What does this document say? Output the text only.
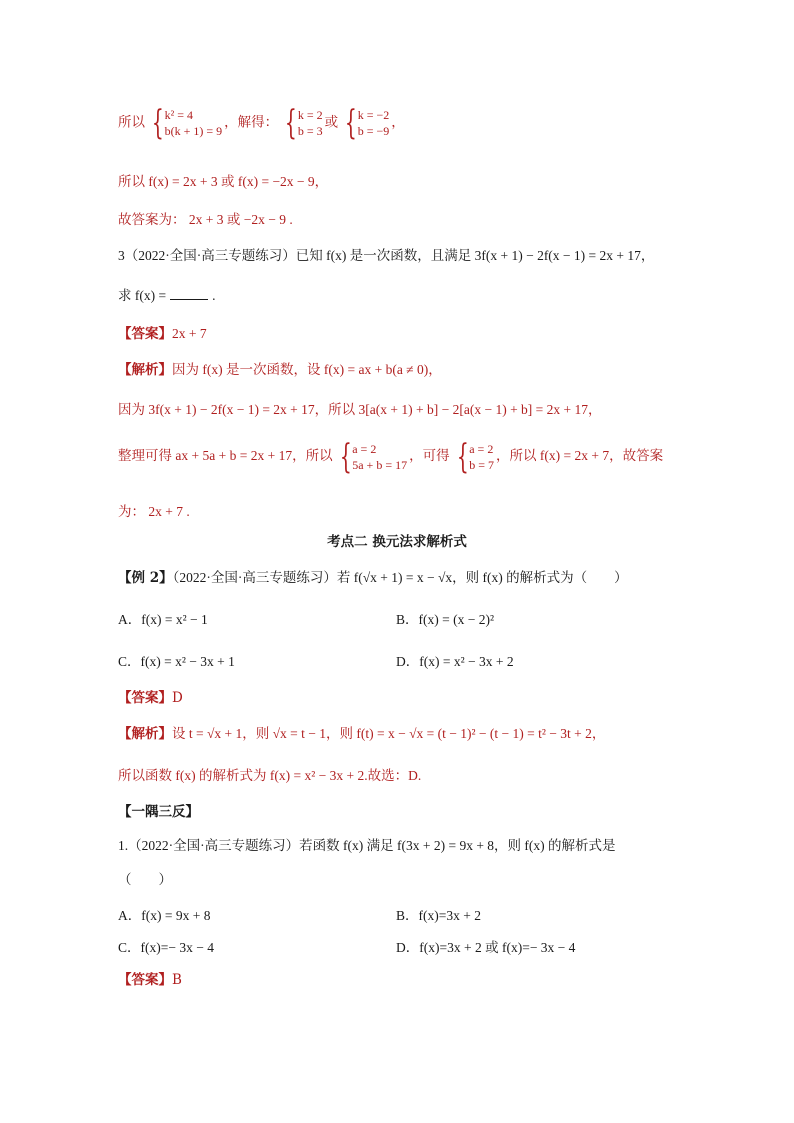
所以 { k² = 4
b(k + 1) = 9
，解得： { k = 2
b = 3
或 { k = −2
b = −9
，
所以 f(x) = 2x + 3 或 f(x) = −2x − 9，
故答案为： 2x + 3 或 −2x − 9 .
3（2022·全国·高三专题练习）已知 f(x) 是一次函数，且满足 3f(x + 1) − 2f(x − 1) = 2x + 17，
求 f(x) =	.
【答案】2x + 7
【解析】因为 f(x) 是一次函数，设 f(x) = ax + b(a ≠ 0)，
因为 3f(x + 1) − 2f(x − 1) = 2x + 17，所以 3[a(x + 1) + b] − 2[a(x − 1) + b] = 2x + 17，
整理可得 ax + 5a + b = 2x + 17，所以 { a = 2
5a + b = 17
，可得 { a = 2
b = 7
，所以 f(x) = 2x + 7，故答案
为： 2x + 7 .
考点二 换元法求解析式
【例 2】（2022·全国·高三专题练习）若 f(√x + 1) = x − √x，则 f(x) 的解析式为（　　）
A．f(x) = x² − 1	B．f(x) = (x − 2)²
C．f(x) = x² − 3x + 1	D．f(x) = x² − 3x + 2
【答案】D
【解析】设 t = √x + 1，则 √x = t − 1，则 f(t) = x − √x = (t − 1)² − (t − 1) = t² − 3t + 2，
所以函数 f(x) 的解析式为 f(x) = x² − 3x + 2.故选：D.
【一隅三反】
1.（2022·全国·高三专题练习）若函数 f(x) 满足 f(3x + 2) = 9x + 8，则 f(x) 的解析式是
（　　）
A．f(x) = 9x + 8	B．f(x)=3x + 2
C．f(x)=− 3x − 4	D．f(x)=3x + 2 或 f(x)=− 3x − 4
【答案】B
